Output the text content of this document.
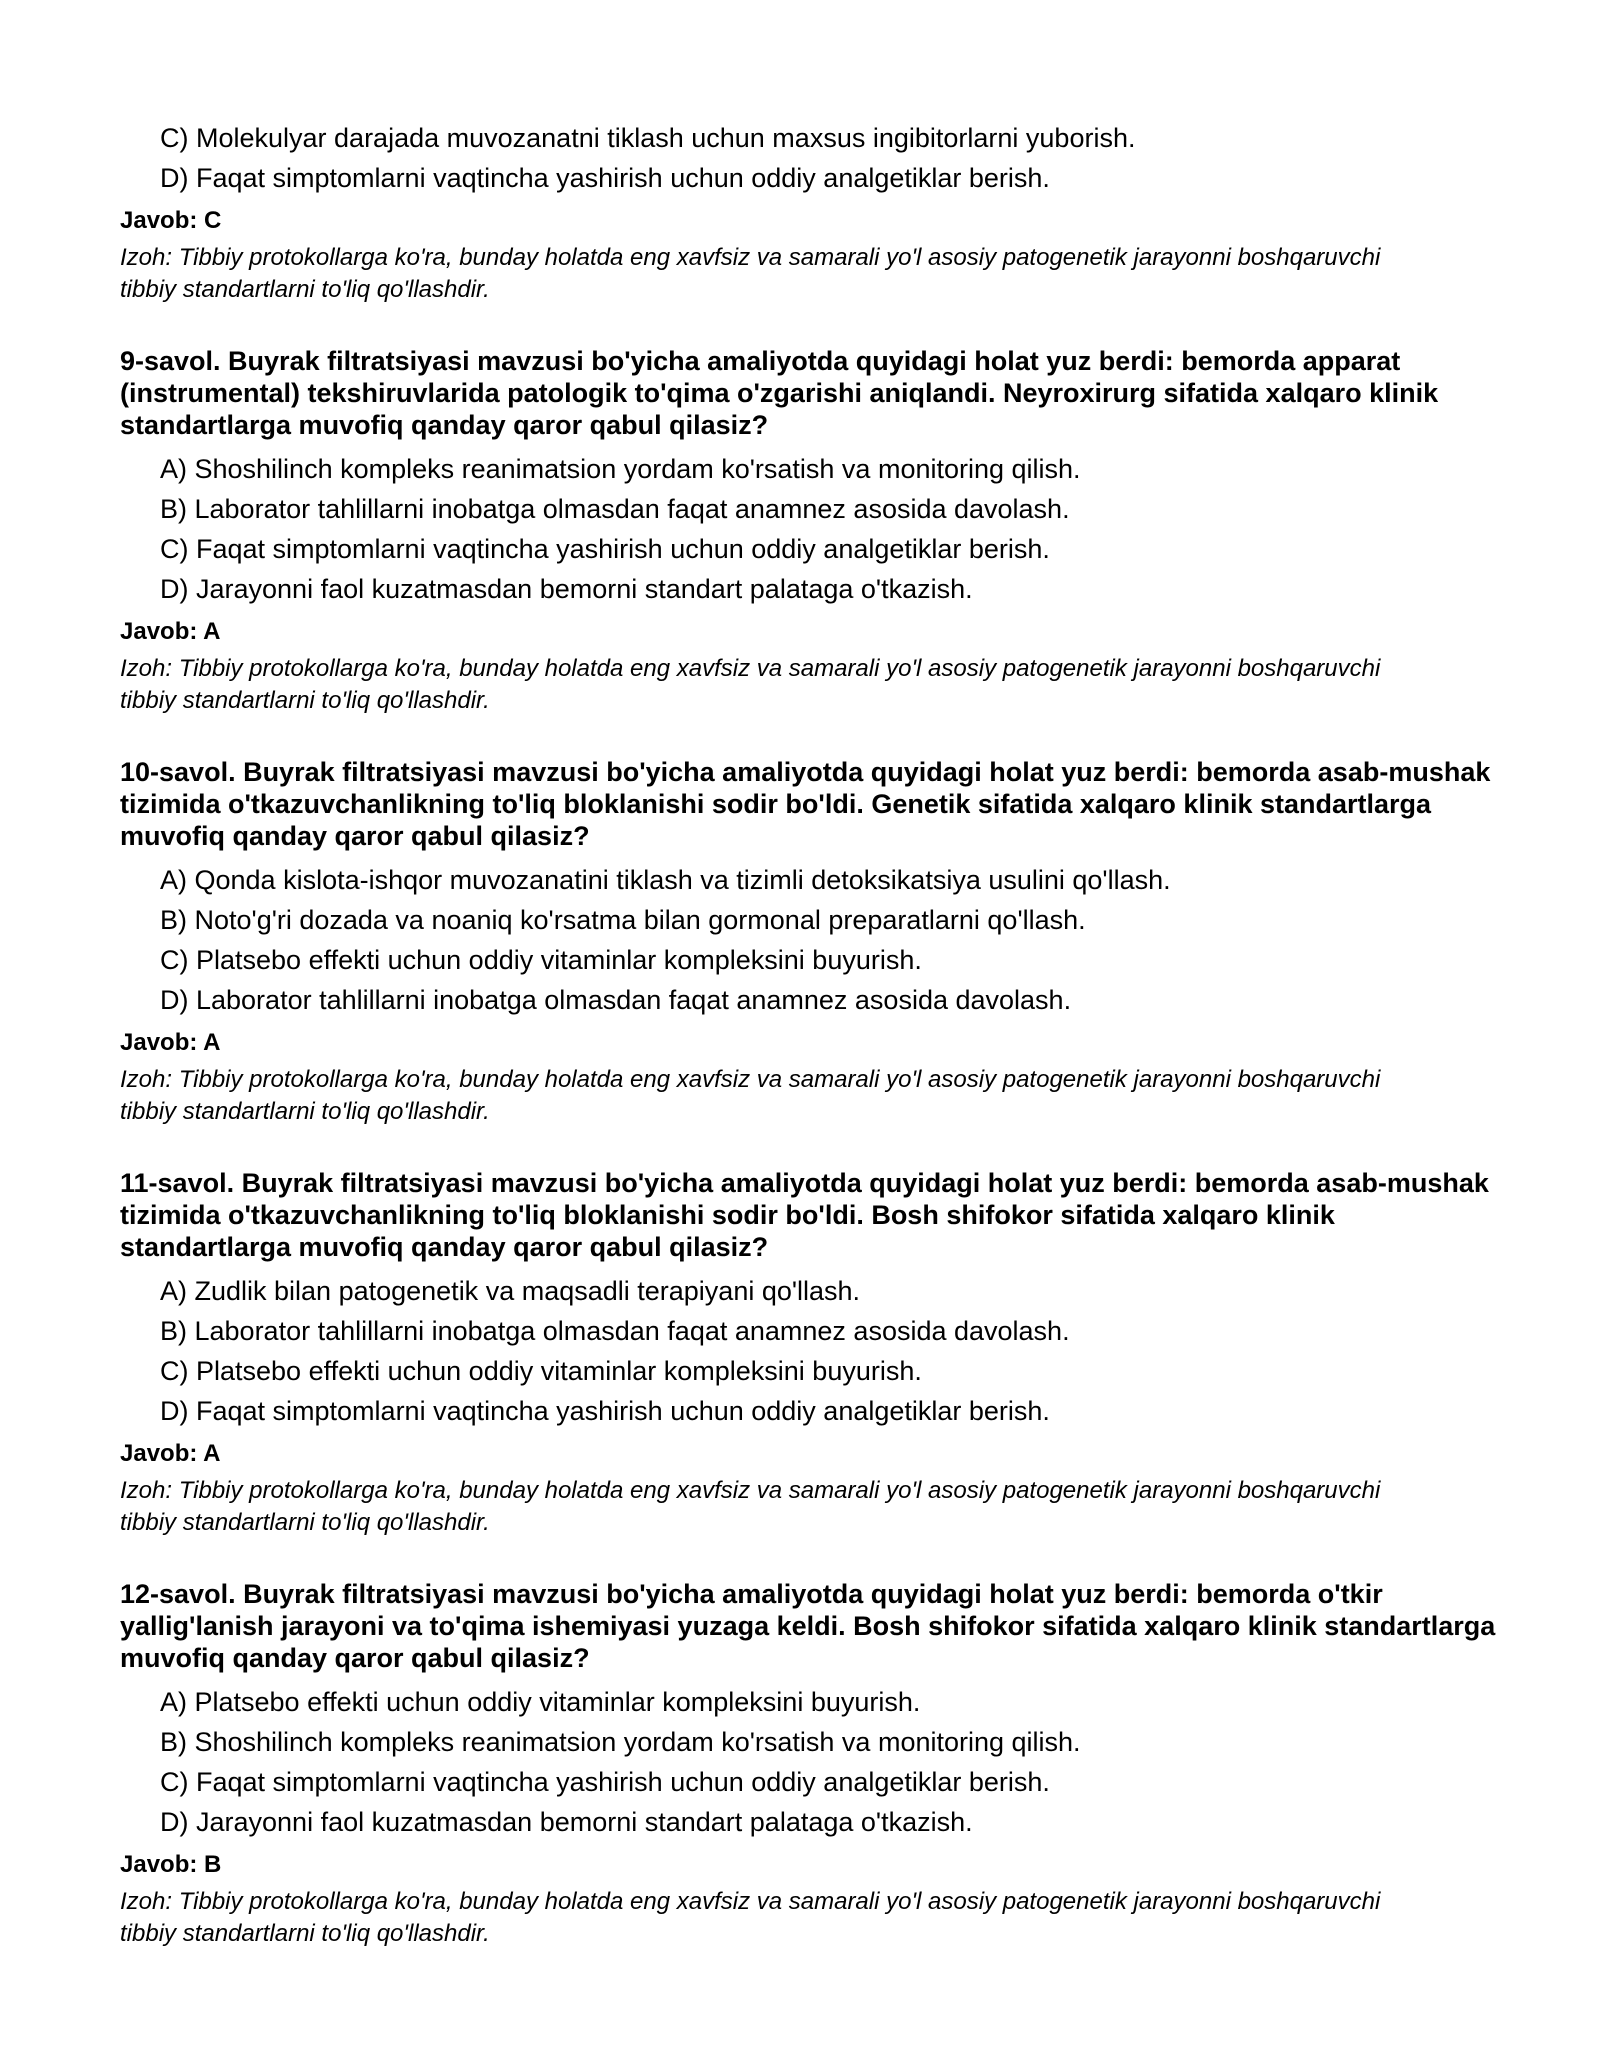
C) Molekulyar darajada muvozanatni tiklash uchun maxsus ingibitorlarni yuborish.
D) Faqat simptomlarni vaqtincha yashirish uchun oddiy analgetiklar berish.
Javob: C
Izoh: Tibbiy protokollarga ko'ra, bunday holatda eng xavfsiz va samarali yo'l asosiy patogenetik jarayonni boshqaruvchi tibbiy standartlarni to'liq qo'llashdir.
9-savol. Buyrak filtratsiyasi mavzusi bo'yicha amaliyotda quyidagi holat yuz berdi: bemorda apparat (instrumental) tekshiruvlarida patologik to'qima o'zgarishi aniqlandi. Neyroxirurg sifatida xalqaro klinik standartlarga muvofiq qanday qaror qabul qilasiz?
A) Shoshilinch kompleks reanimatsion yordam ko'rsatish va monitoring qilish.
B) Laborator tahlillarni inobatga olmasdan faqat anamnez asosida davolash.
C) Faqat simptomlarni vaqtincha yashirish uchun oddiy analgetiklar berish.
D) Jarayonni faol kuzatmasdan bemorni standart palataga o'tkazish.
Javob: A
Izoh: Tibbiy protokollarga ko'ra, bunday holatda eng xavfsiz va samarali yo'l asosiy patogenetik jarayonni boshqaruvchi tibbiy standartlarni to'liq qo'llashdir.
10-savol. Buyrak filtratsiyasi mavzusi bo'yicha amaliyotda quyidagi holat yuz berdi: bemorda asab-mushak tizimida o'tkazuvchanlikning to'liq bloklanishi sodir bo'ldi. Genetik sifatida xalqaro klinik standartlarga muvofiq qanday qaror qabul qilasiz?
A) Qonda kislota-ishqor muvozanatini tiklash va tizimli detoksikatsiya usulini qo'llash.
B) Noto'g'ri dozada va noaniq ko'rsatma bilan gormonal preparatlarni qo'llash.
C) Platsebo effekti uchun oddiy vitaminlar kompleksini buyurish.
D) Laborator tahlillarni inobatga olmasdan faqat anamnez asosida davolash.
Javob: A
Izoh: Tibbiy protokollarga ko'ra, bunday holatda eng xavfsiz va samarali yo'l asosiy patogenetik jarayonni boshqaruvchi tibbiy standartlarni to'liq qo'llashdir.
11-savol. Buyrak filtratsiyasi mavzusi bo'yicha amaliyotda quyidagi holat yuz berdi: bemorda asab-mushak tizimida o'tkazuvchanlikning to'liq bloklanishi sodir bo'ldi. Bosh shifokor sifatida xalqaro klinik standartlarga muvofiq qanday qaror qabul qilasiz?
A) Zudlik bilan patogenetik va maqsadli terapiyani qo'llash.
B) Laborator tahlillarni inobatga olmasdan faqat anamnez asosida davolash.
C) Platsebo effekti uchun oddiy vitaminlar kompleksini buyurish.
D) Faqat simptomlarni vaqtincha yashirish uchun oddiy analgetiklar berish.
Javob: A
Izoh: Tibbiy protokollarga ko'ra, bunday holatda eng xavfsiz va samarali yo'l asosiy patogenetik jarayonni boshqaruvchi tibbiy standartlarni to'liq qo'llashdir.
12-savol. Buyrak filtratsiyasi mavzusi bo'yicha amaliyotda quyidagi holat yuz berdi: bemorda o'tkir yallig'lanish jarayoni va to'qima ishemiyasi yuzaga keldi. Bosh shifokor sifatida xalqaro klinik standartlarga muvofiq qanday qaror qabul qilasiz?
A) Platsebo effekti uchun oddiy vitaminlar kompleksini buyurish.
B) Shoshilinch kompleks reanimatsion yordam ko'rsatish va monitoring qilish.
C) Faqat simptomlarni vaqtincha yashirish uchun oddiy analgetiklar berish.
D) Jarayonni faol kuzatmasdan bemorni standart palataga o'tkazish.
Javob: B
Izoh: Tibbiy protokollarga ko'ra, bunday holatda eng xavfsiz va samarali yo'l asosiy patogenetik jarayonni boshqaruvchi tibbiy standartlarni to'liq qo'llashdir.
